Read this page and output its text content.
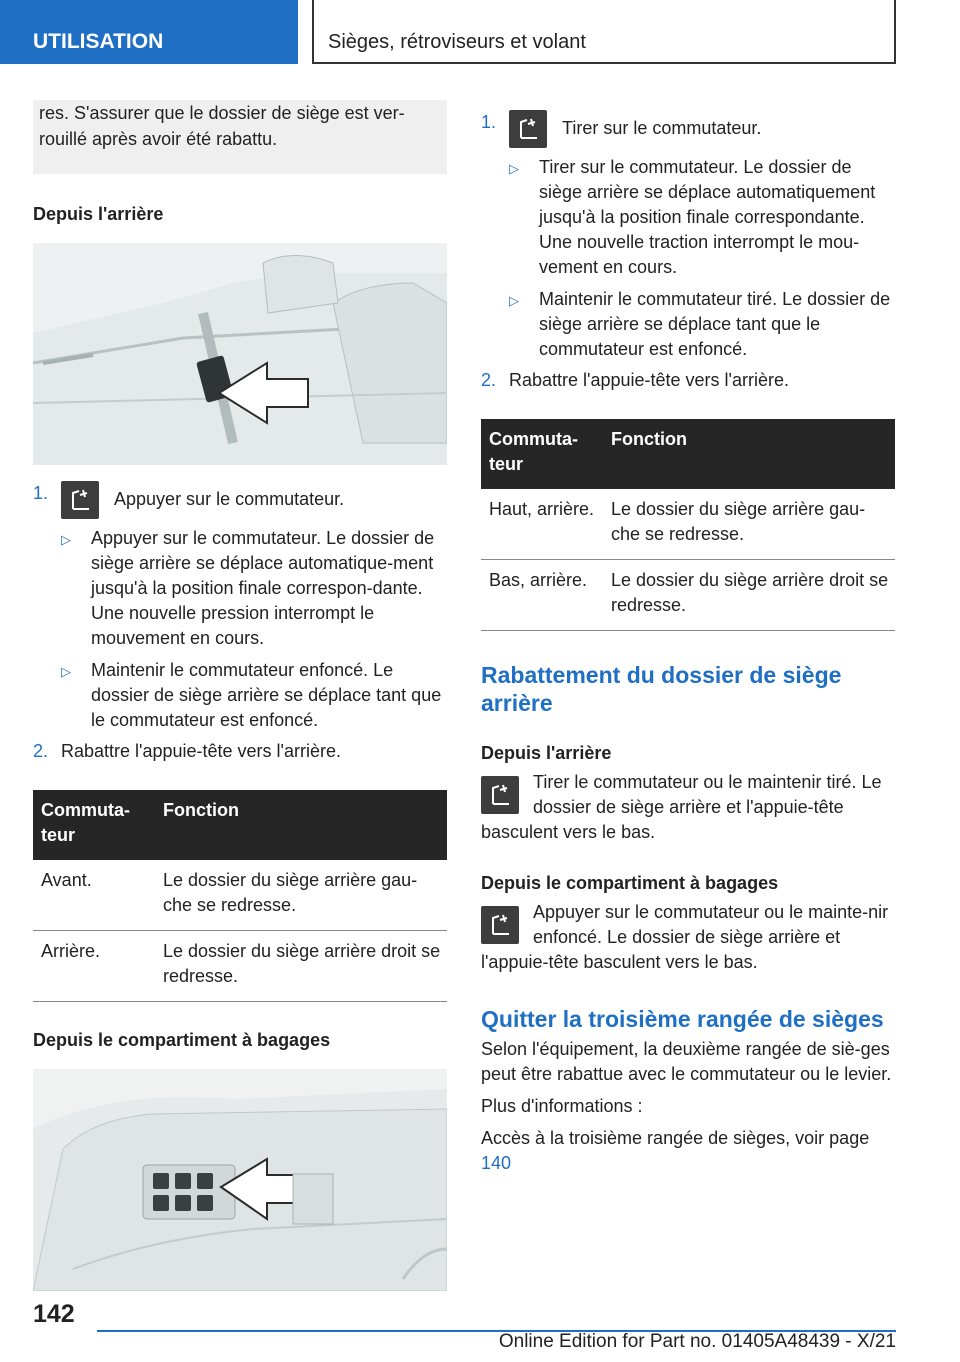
UTILISATION	Sièges, rétroviseurs et volant
res. S'assurer que le dossier de siège est ver-rouillé après avoir été rabattu.
Depuis l'arrière
1.	Appuyer sur le commutateur.
▷	Appuyer sur le commutateur. Le dossier de siège arrière se déplace automatique-ment jusqu'à la position finale correspon-dante. Une nouvelle pression interrompt le mouvement en cours.
▷	Maintenir le commutateur enfoncé. Le dossier de siège arrière se déplace tant que le commutateur est enfoncé.
2. Rabattre l'appuie-tête vers l'arrière.
Commuta-teur	Fonction
Avant.	Le dossier du siège arrière gau-che se redresse.
Arrière.	Le dossier du siège arrière droit se redresse.
Depuis le compartiment à bagages
1.	Tirer sur le commutateur.
▷	Tirer sur le commutateur. Le dossier de siège arrière se déplace automatiquement jusqu'à la position finale correspondante. Une nouvelle traction interrompt le mou-vement en cours.
▷	Maintenir le commutateur tiré. Le dossier de siège arrière se déplace tant que le commutateur est enfoncé.
2. Rabattre l'appuie-tête vers l'arrière.
Commuta-teur	Fonction
Haut, arrière.	Le dossier du siège arrière gau-che se redresse.
Bas, arrière.	Le dossier du siège arrière droit se redresse.
Rabattement du dossier de siège arrière
Depuis l'arrière
Tirer le commutateur ou le maintenir tiré. Le dossier de siège arrière et l'appuie-tête basculent vers le bas.
Depuis le compartiment à bagages
Appuyer sur le commutateur ou le mainte-nir enfoncé. Le dossier de siège arrière et l'appuie-tête basculent vers le bas.
Quitter la troisième rangée de sièges

Selon l'équipement, la deuxième rangée de siè-ges peut être rabattue avec le commutateur ou le levier.

Plus d'informations :

Accès à la troisième rangée de sièges, voir page 140

142
Online Edition for Part no. 01405A48439 - X/21
